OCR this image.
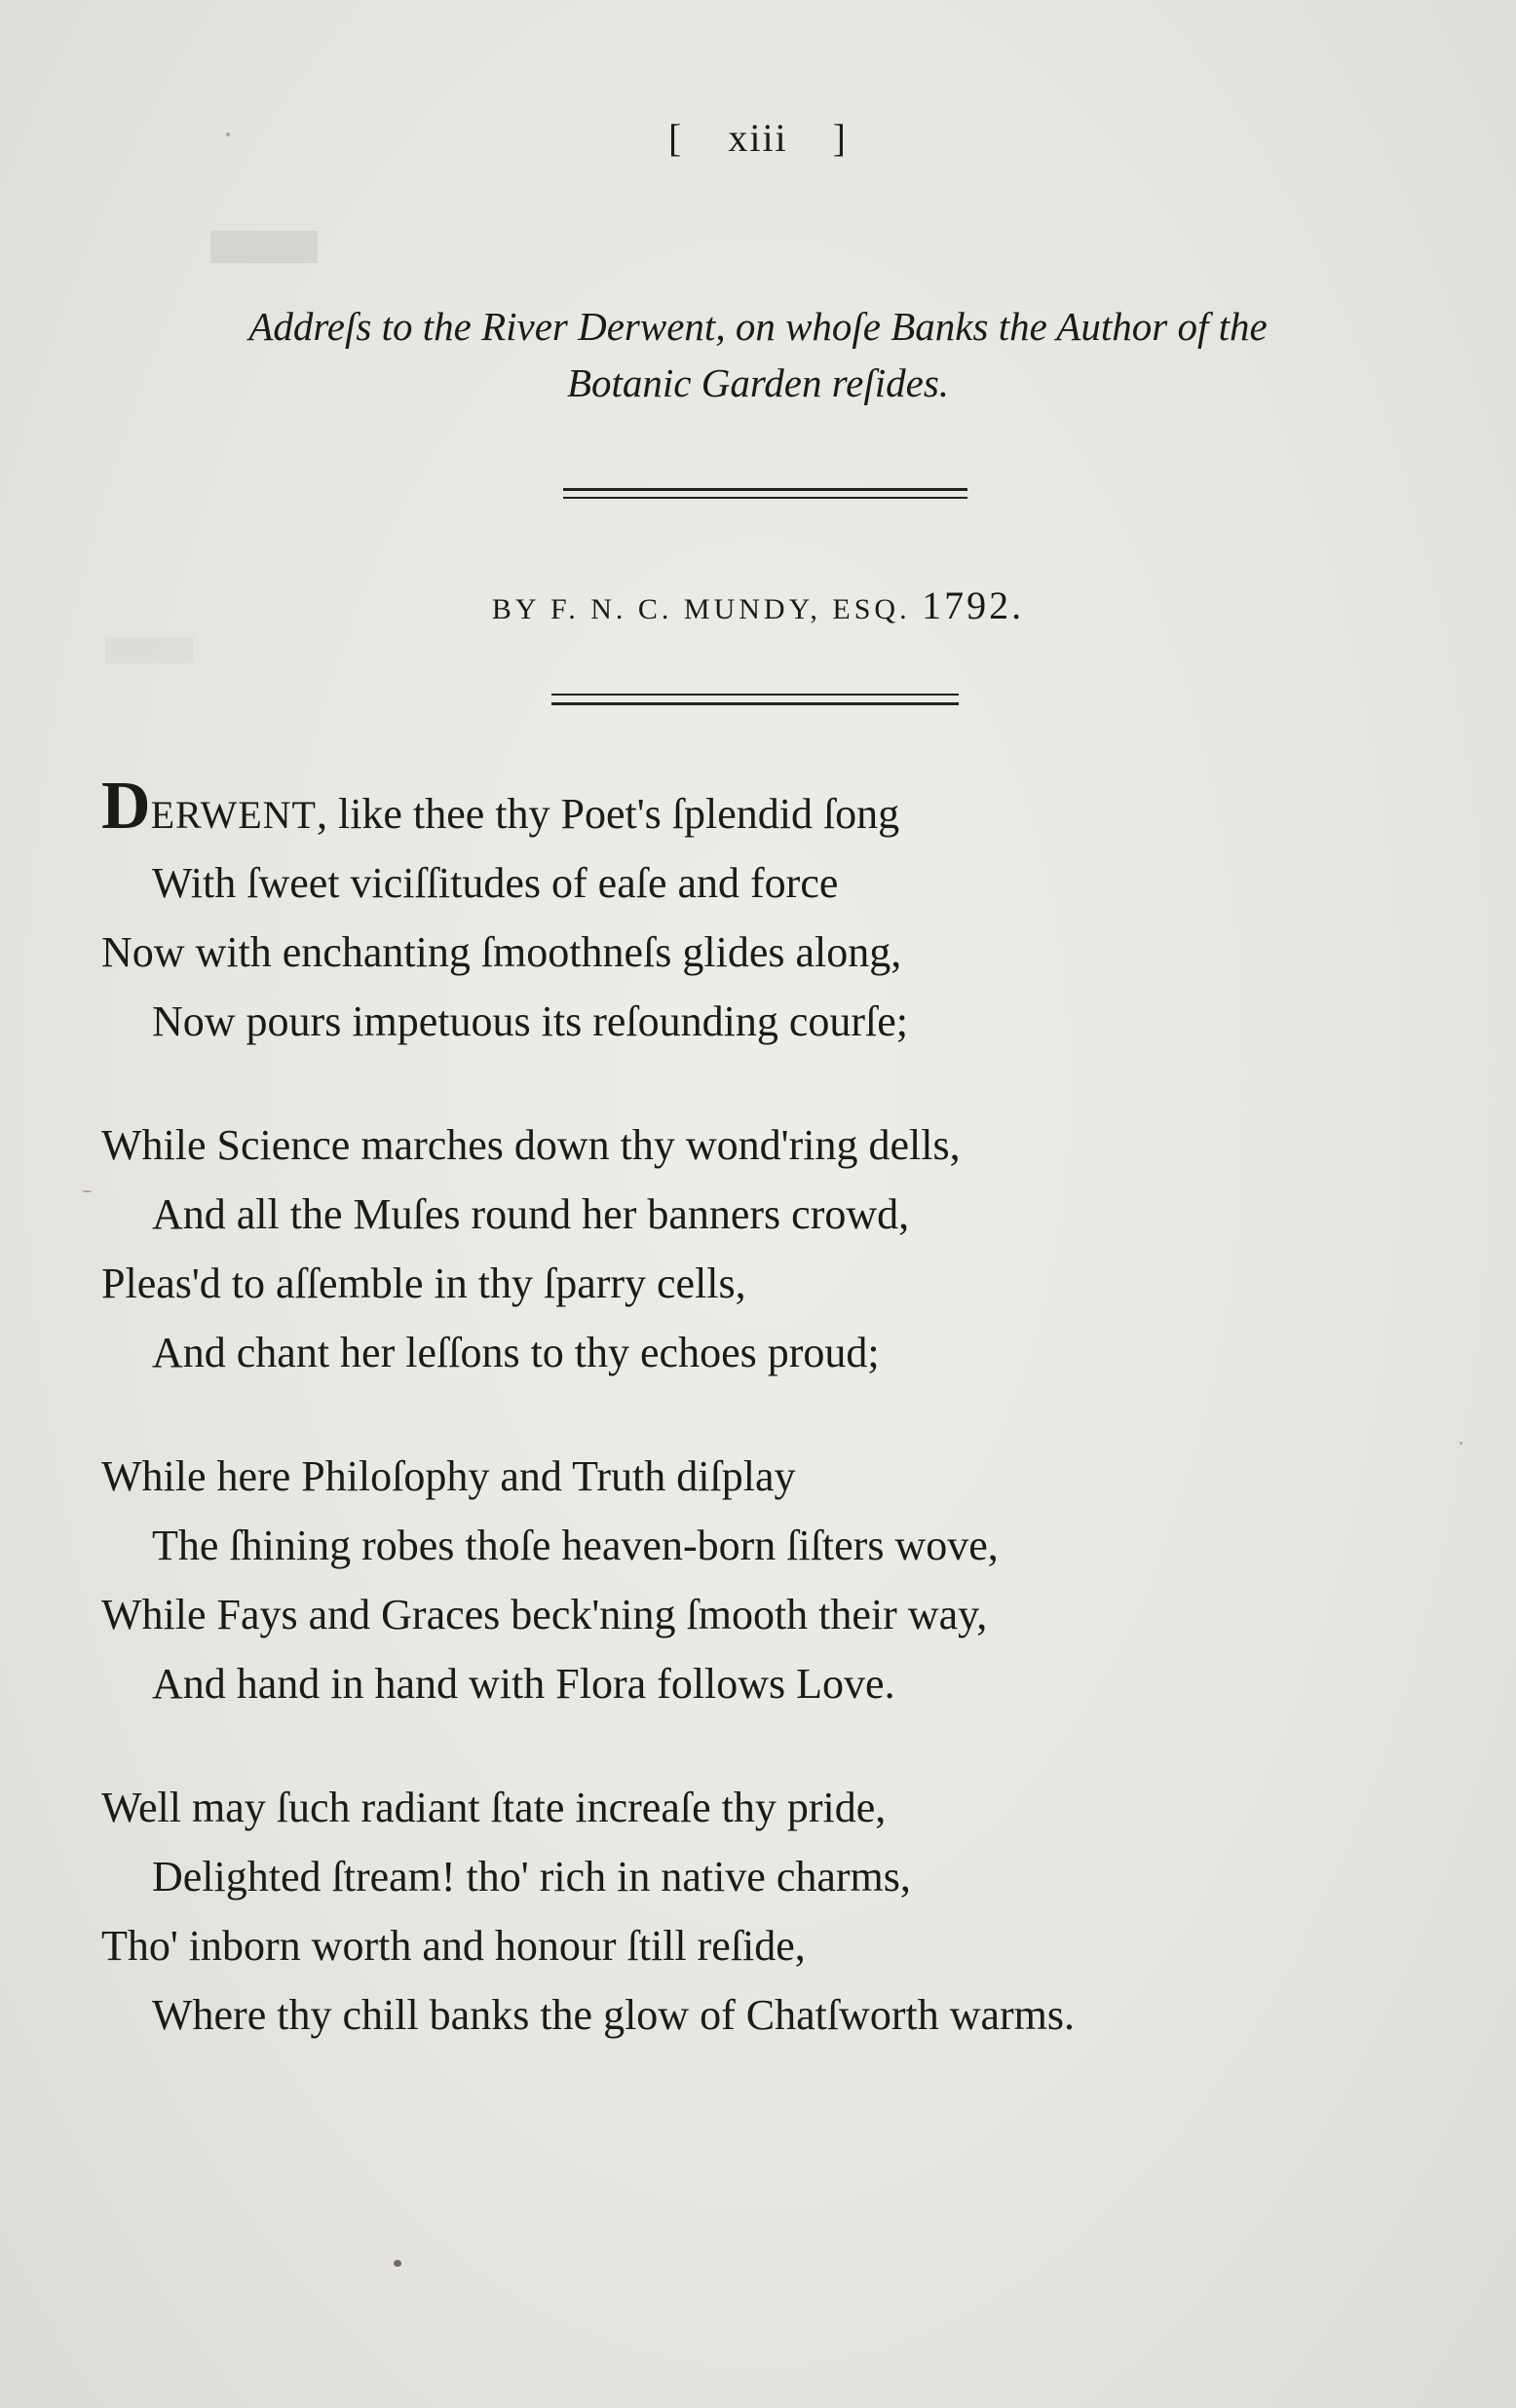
▬
▬
[ xiii ]
Addreſs to the River Derwent, on whoſe Banks the Author of the
Botanic Garden reſides.
BY F. N. C. MUNDY, ESQ. 1792.
DERWENT, like thee thy Poet's ſplendid ſong
With ſweet viciſſitudes of eaſe and force
Now with enchanting ſmoothneſs glides along,
Now pours impetuous its reſounding courſe;
While Science marches down thy wond'ring dells,
And all the Muſes round her banners crowd,
Pleas'd to aſſemble in thy ſparry cells,
And chant her leſſons to thy echoes proud;
While here Philoſophy and Truth diſplay
The ſhining robes thoſe heaven-born ſiſters wove,
While Fays and Graces beck'ning ſmooth their way,
And hand in hand with Flora follows Love.
Well may ſuch radiant ſtate increaſe thy pride,
Delighted ſtream! tho' rich in native charms,
Tho' inborn worth and honour ſtill reſide,
Where thy chill banks the glow of Chatſworth warms.
